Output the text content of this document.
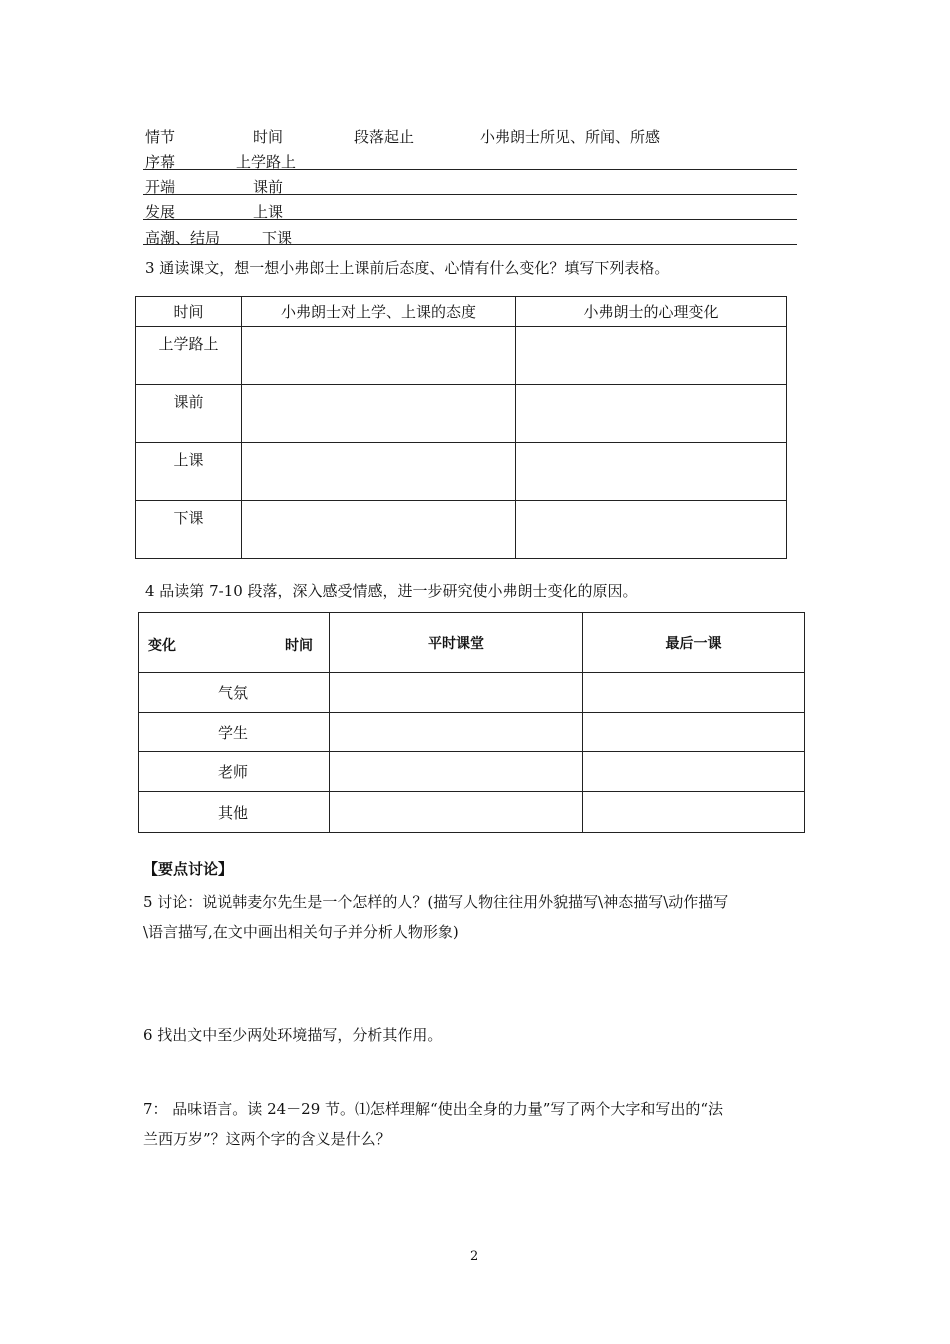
情节	时间	段落起止	小弗朗士所见、所闻、所感
序幕	上学路上
开端	课前
发展	上课
高潮、结局	下课
3 通读课文，想一想小弗郎士上课前后态度、心情有什么变化？填写下列表格。
时间	小弗朗士对上学、上课的态度	小弗朗士的心理变化
上学路上		
课前		
上课		
下课		
4 品读第 7-10 段落，深入感受情感，进一步研究使小弗朗士变化的原因。
变化 时间	平时课堂	最后一课
气氛		
学生		
老师		
其他		
【要点讨论】
5 讨论：说说韩麦尔先生是一个怎样的人？(描写人物往往用外貌描写\神态描写\动作描写
\语言描写,在文中画出相关句子并分析人物形象)
6 找出文中至少两处环境描写，分析其作用。
7： 品味语言。读 24－29 节。⑴怎样理解“使出全身的力量”写了两个大字和写出的“法
兰西万岁”？这两个字的含义是什么？
2
